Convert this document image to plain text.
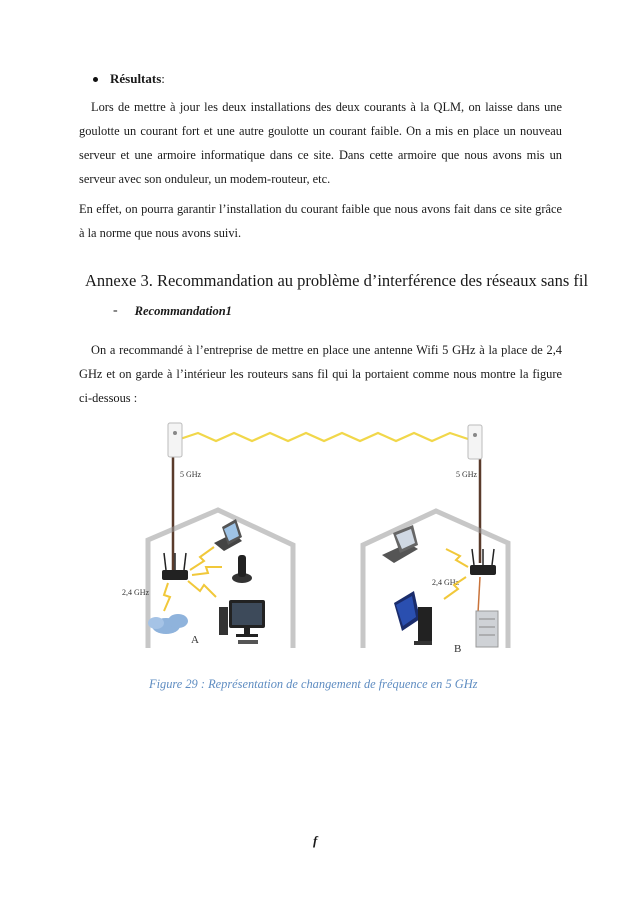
Résultats :
Lors de mettre à jour les deux installations des deux courants à la QLM, on laisse dans une
goulotte un courant fort et une autre goulotte un courant faible. On a mis en place un nouveau
serveur et une armoire informatique dans ce site. Dans cette armoire que nous avons mis un
serveur avec son onduleur, un modem-routeur, etc.
En effet, on pourra garantir l’installation du courant faible que nous avons fait dans ce site grâce
à la norme que nous avons suivi.
Annexe 3. Recommandation au problème d’interférence des réseaux sans fil
- Recommandation1
On a recommandé à l’entreprise de mettre en place une antenne Wifi 5 GHz à la place de 2,4
GHz et on garde à l’intérieur les routeurs sans fil qui la portaient comme nous montre la figure
ci-dessous :
5 GHz	5 GHz
2,4 GHz
A
2,4 GHz
B
Figure 29 : Représentation de changement de fréquence en 5 GHz
f
